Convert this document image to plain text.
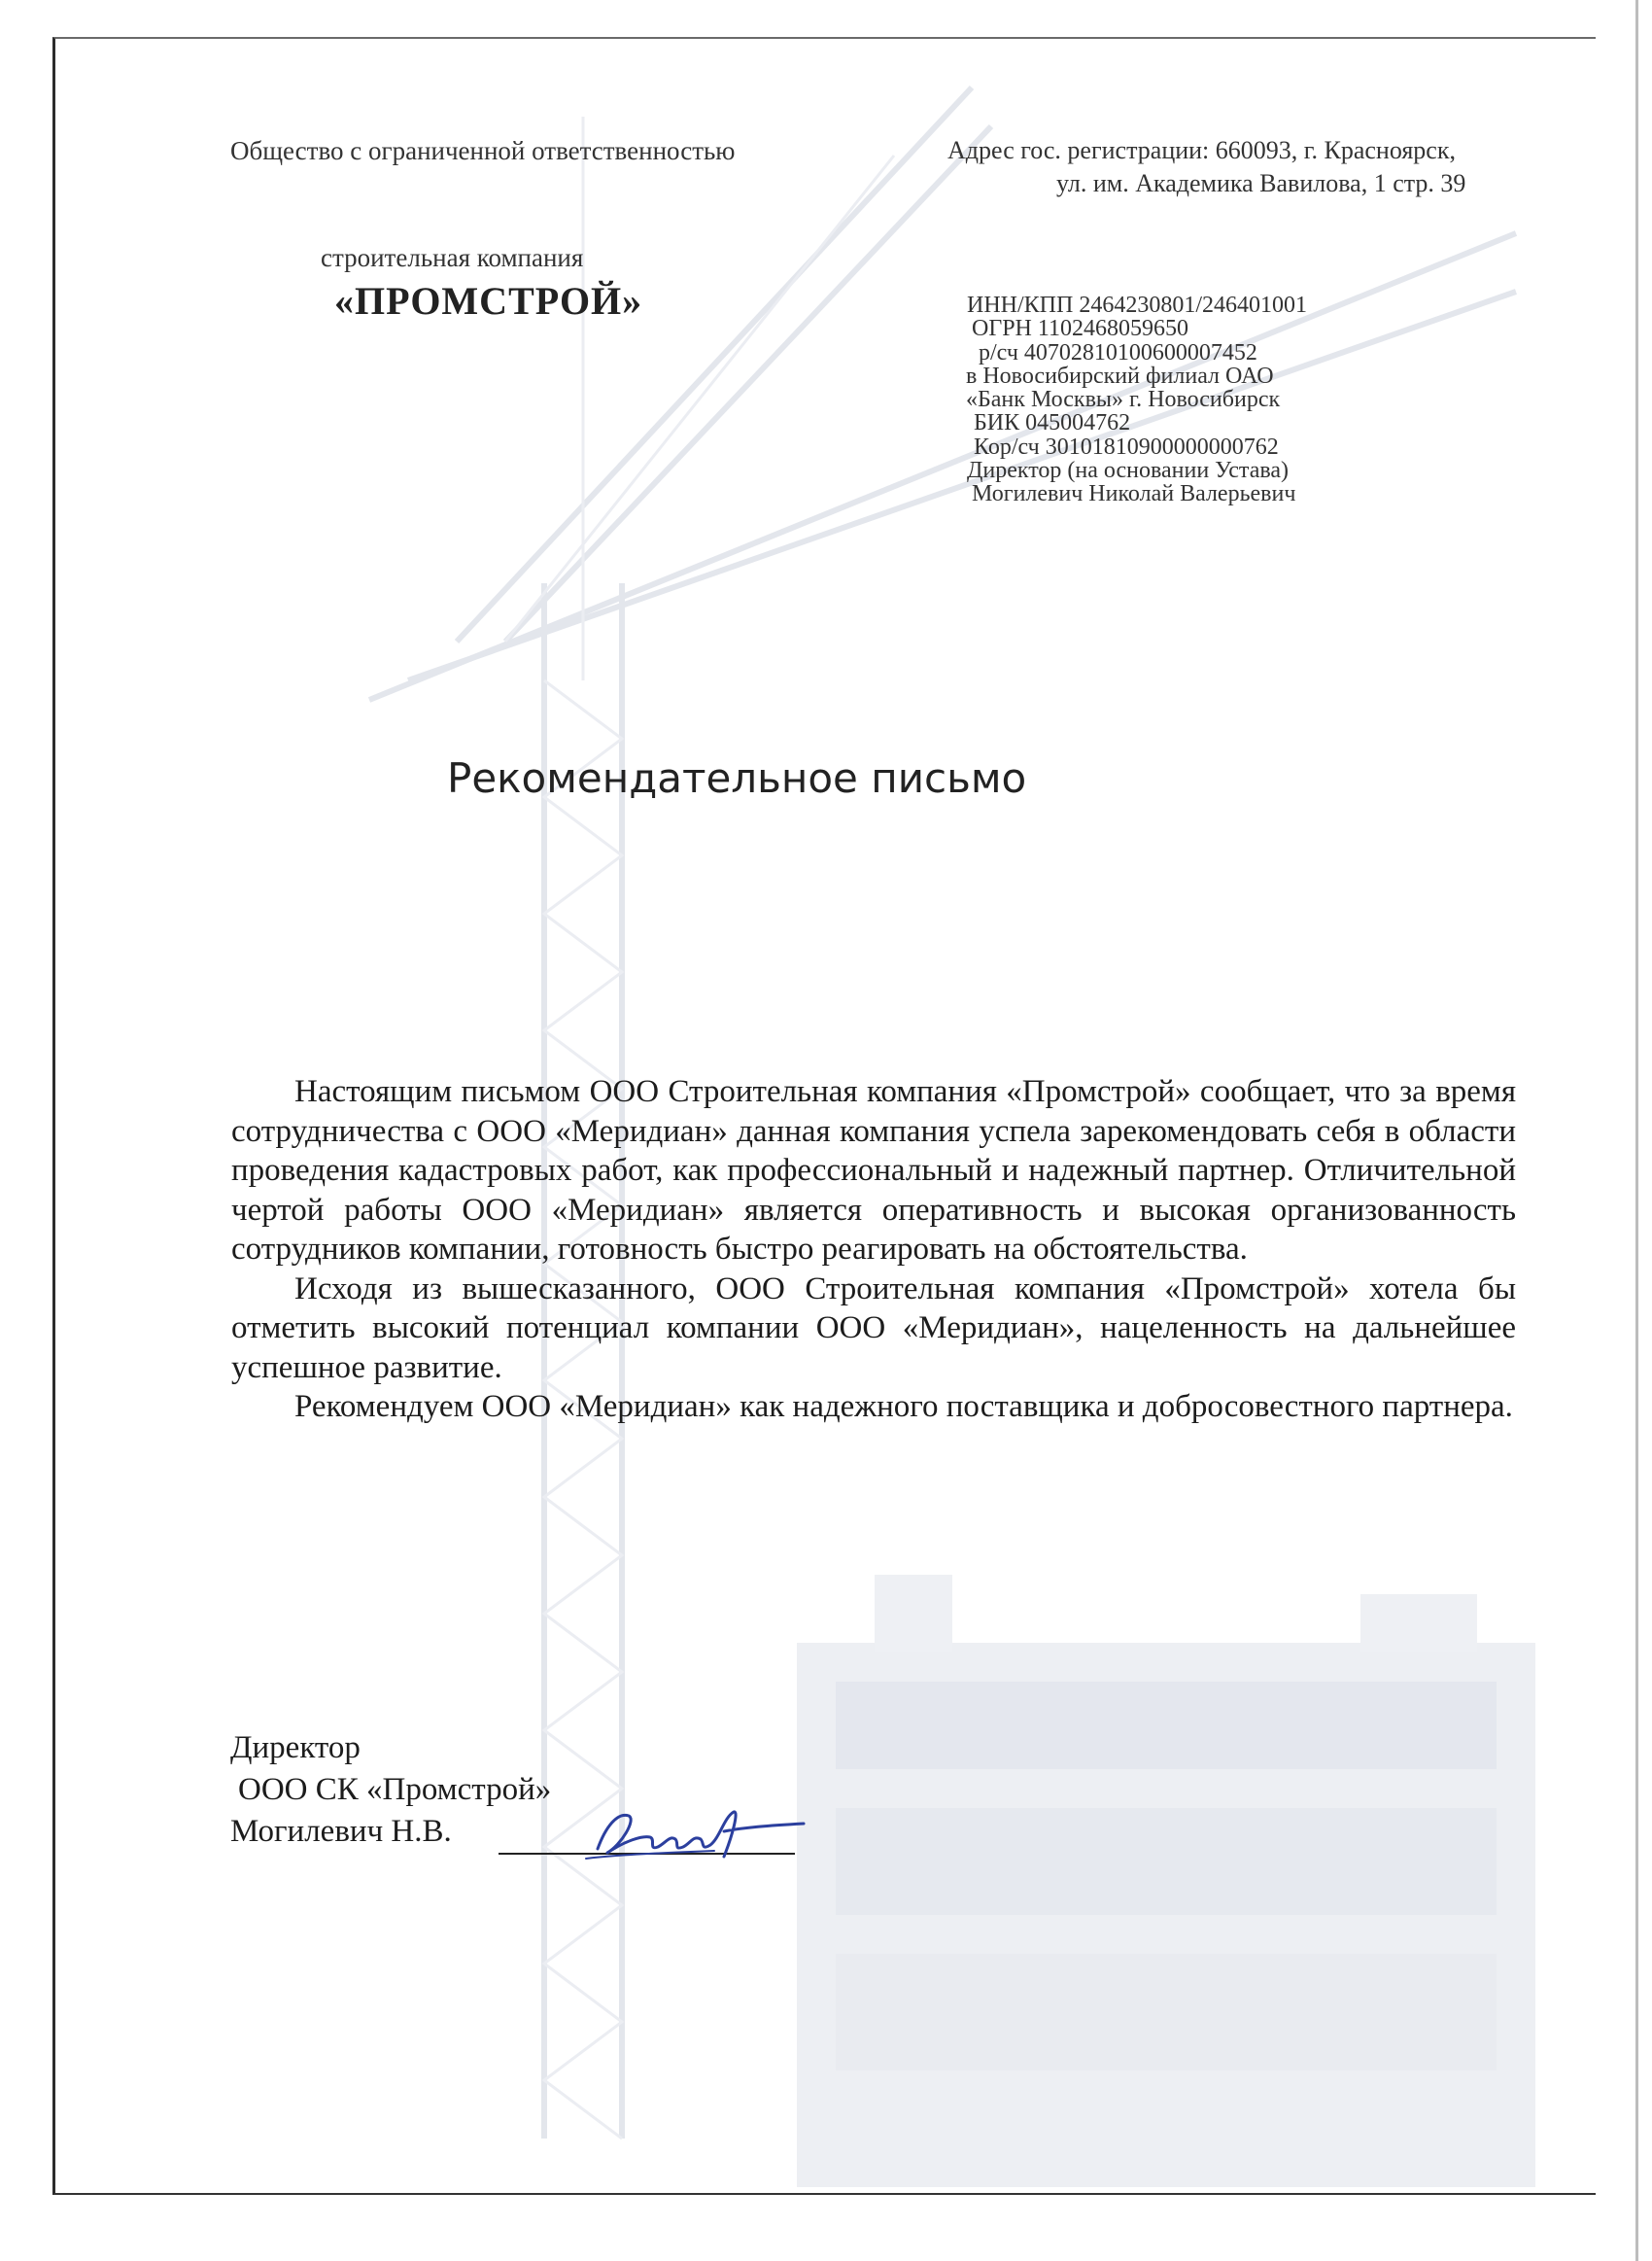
Общество с ограниченной ответственностью	Адрес гос. регистрации: 660093, г. Красноярск,
ул. им. Академика Вавилова, 1 стр. 39
строительная компания
«ПРОМСТРОЙ»	ИНН/КПП 2464230801/246401001
ОГРН 1102468059650
р/сч 40702810100600007452
в Новосибирский филиал ОАО
«Банк Москвы» г. Новосибирск
БИК 045004762
Кор/сч 30101810900000000762
Директор (на основании Устава)
Могилевич Николай Валерьевич
Рекомендательное письмо

Настоящим письмом ООО Строительная компания «Промстрой» сообщает, что за время сотрудничества с ООО «Меридиан» данная компания успела зарекомендовать себя в области проведения кадастровых работ, как профессиональный и надежный партнер. Отличительной чертой работы ООО «Меридиан» является оперативность и высокая организованность сотрудников компании, готовность быстро реагировать на обстоятельства.

Исходя из вышесказанного, ООО Строительная компания «Промстрой» хотела бы отметить высокий потенциал компании ООО «Меридиан», нацеленность на дальнейшее успешное развитие.

Рекомендуем ООО «Меридиан» как надежного поставщика и добросовестного партнера.

Директор
ООО СК «Промстрой»
Могилевич Н.В.
